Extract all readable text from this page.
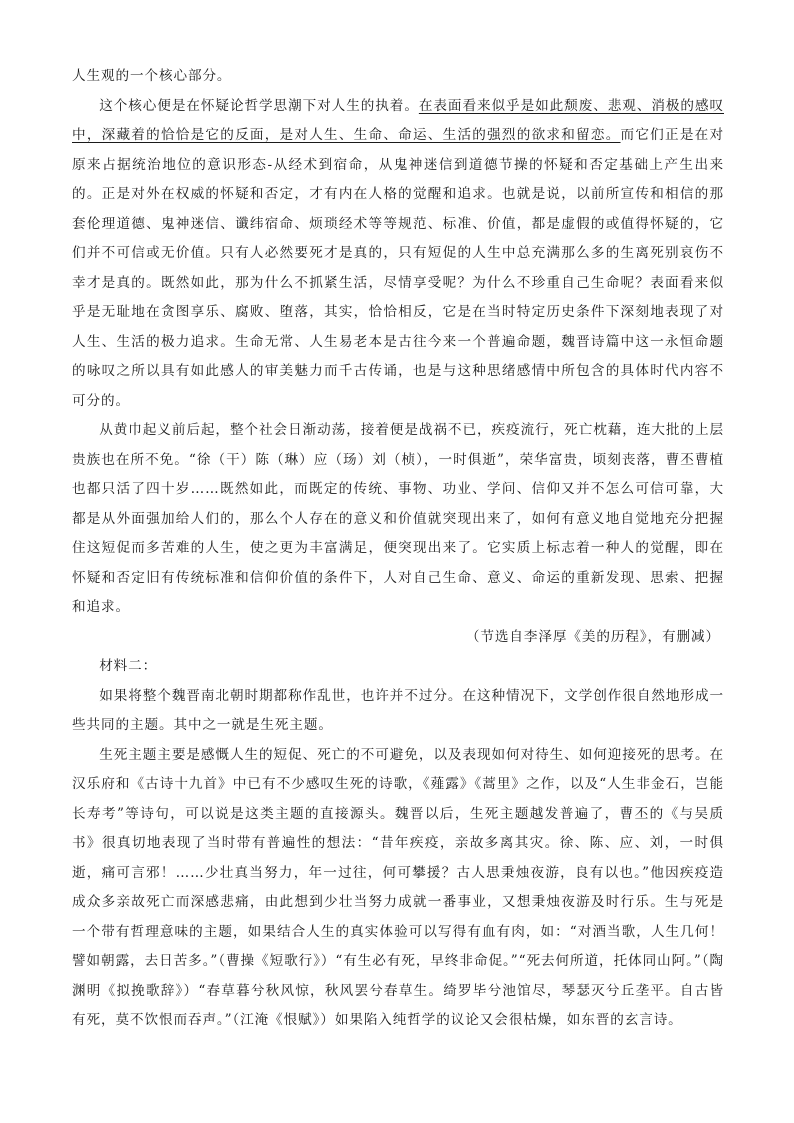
人生观的一个核心部分。

这个核心便是在怀疑论哲学思潮下对人生的执着。在表面看来似乎是如此颓废、悲观、消极的感叹中，深藏着的恰恰是它的反面，是对人生、生命、命运、生活的强烈的欲求和留恋。而它们正是在对原来占据统治地位的意识形态-从经术到宿命，从鬼神迷信到道德节操的怀疑和否定基础上产生出来的。正是对外在权威的怀疑和否定，才有内在人格的觉醒和追求。也就是说，以前所宣传和相信的那套伦理道德、鬼神迷信、谶纬宿命、烦琐经术等等规范、标准、价值，都是虚假的或值得怀疑的，它们并不可信或无价值。只有人必然要死才是真的，只有短促的人生中总充满那么多的生离死别哀伤不幸才是真的。既然如此，那为什么不抓紧生活，尽情享受呢？为什么不珍重自己生命呢？表面看来似乎是无耻地在贪图享乐、腐败、堕落，其实，恰恰相反，它是在当时特定历史条件下深刻地表现了对人生、生活的极力追求。生命无常、人生易老本是古往今来一个普遍命题，魏晋诗篇中这一永恒命题的咏叹之所以具有如此感人的审美魅力而千古传诵，也是与这种思绪感情中所包含的具体时代内容不可分的。

从黄巾起义前后起，整个社会日渐动荡，接着便是战祸不已，疾疫流行，死亡枕藉，连大批的上层贵族也在所不免。“徐（干）陈（琳）应（玚）刘（桢），一时俱逝”，荣华富贵，顷刻丧落，曹丕曹植也都只活了四十岁……既然如此，而既定的传统、事物、功业、学问、信仰又并不怎么可信可靠，大都是从外面强加给人们的，那么个人存在的意义和价值就突现出来了，如何有意义地自觉地充分把握住这短促而多苦难的人生，使之更为丰富满足，便突现出来了。它实质上标志着一种人的觉醒，即在怀疑和否定旧有传统标准和信仰价值的条件下，人对自己生命、意义、命运的重新发现、思索、把握和追求。

（节选自李泽厚《美的历程》，有删减）

材料二：

如果将整个魏晋南北朝时期都称作乱世，也许并不过分。在这种情况下，文学创作很自然地形成一些共同的主题。其中之一就是生死主题。

生死主题主要是感慨人生的短促、死亡的不可避免，以及表现如何对待生、如何迎接死的思考。在汉乐府和《古诗十九首》中已有不少感叹生死的诗歌，《薤露》《蒿里》之作，以及“人生非金石，岂能长寿考”等诗句，可以说是这类主题的直接源头。魏晋以后，生死主题越发普遍了，曹丕的《与吴质书》很真切地表现了当时带有普遍性的想法：“昔年疾疫，亲故多离其灾。徐、陈、应、刘，一时俱逝，痛可言邪！……少壮真当努力，年一过往，何可攀援？古人思秉烛夜游，良有以也。”他因疾疫造成众多亲故死亡而深感悲痛，由此想到少壮当努力成就一番事业，又想秉烛夜游及时行乐。生与死是一个带有哲理意味的主题，如果结合人生的真实体验可以写得有血有肉，如：“对酒当歌，人生几何！譬如朝露，去日苦多。”（曹操《短歌行》）“有生必有死，早终非命促。”“死去何所道，托体同山阿。”（陶渊明《拟挽歌辞》）“春草暮兮秋风惊，秋风罢兮春草生。绮罗毕兮池馆尽，琴瑟灭兮丘垄平。自古皆有死，莫不饮恨而吞声。”（江淹《恨赋》）如果陷入纯哲学的议论又会很枯燥，如东晋的玄言诗。
